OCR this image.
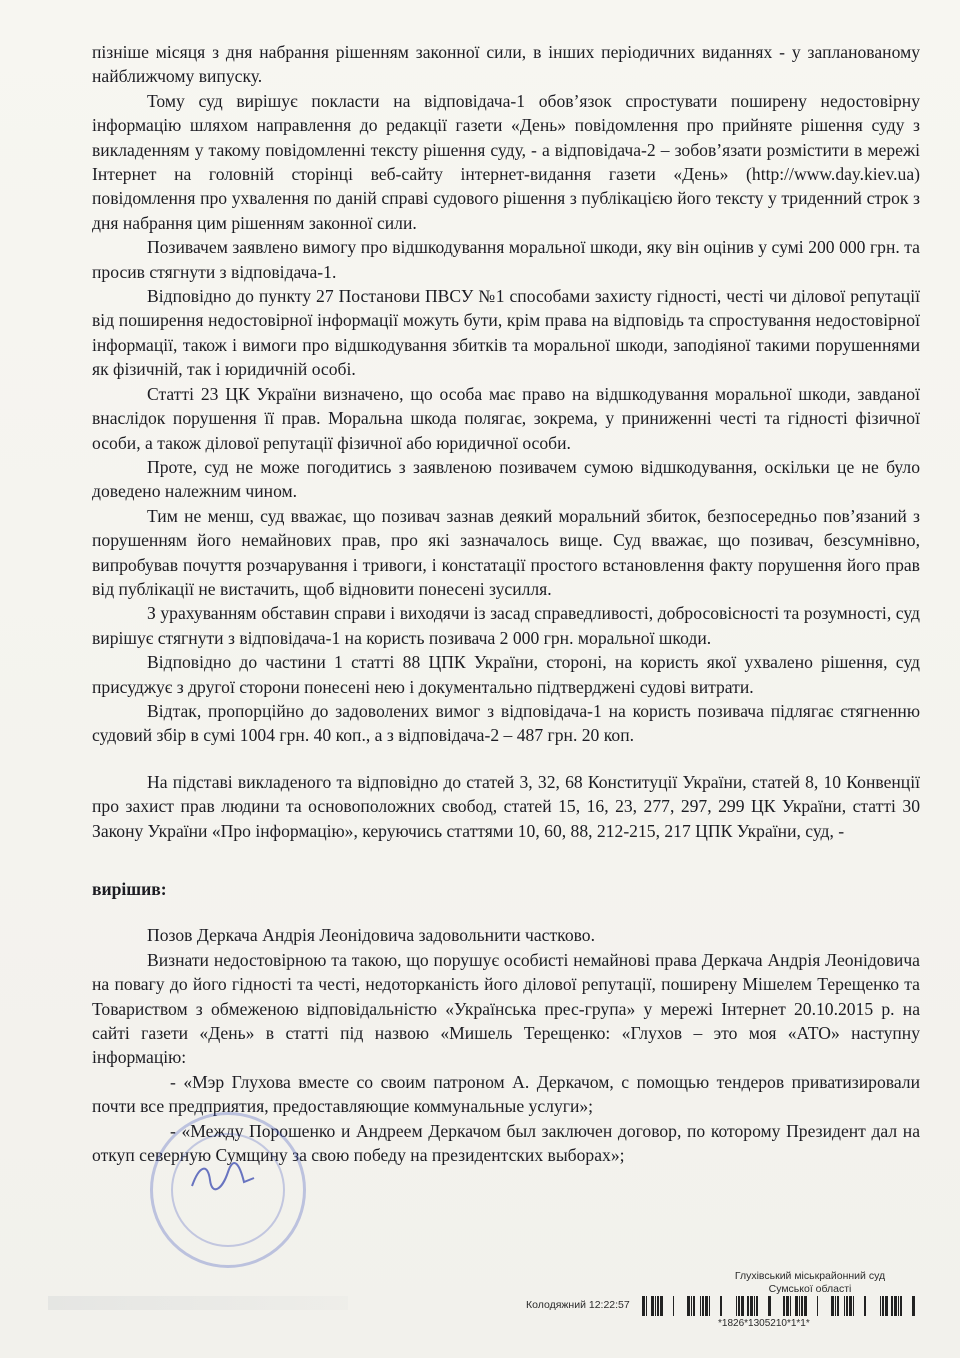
пізніше місяця з дня набрання рішенням законної сили, в інших періодичних виданнях - у запланованому найближчому випуску.

Тому суд вирішує покласти на відповідача-1 обов’язок спростувати поширену недостовірну інформацію шляхом направлення до редакції газети «День» повідомлення про прийняте рішення суду з викладенням у такому повідомленні тексту рішення суду, - а відповідача-2 – зобов’язати розмістити в мережі Інтернет на головній сторінці веб-сайту інтернет-видання газети «День» (http://www.day.kiev.ua) повідомлення про ухвалення по даній справі судового рішення з публікацією його тексту у триденний строк з дня набрання цим рішенням законної сили.

Позивачем заявлено вимогу про відшкодування моральної шкоди, яку він оцінив у сумі 200 000 грн. та просив стягнути з відповідача-1.

Відповідно до пункту 27 Постанови ПВСУ №1 способами захисту гідності, честі чи ділової репутації від поширення недостовірної інформації можуть бути, крім права на відповідь та спростування недостовірної інформації, також і вимоги про відшкодування збитків та моральної шкоди, заподіяної такими порушеннями як фізичній, так і юридичній особі.

Статті 23 ЦК України визначено, що особа має право на відшкодування моральної шкоди, завданої внаслідок порушення її прав. Моральна шкода полягає, зокрема, у приниженні честі та гідності фізичної особи, а також ділової репутації фізичної або юридичної особи.

Проте, суд не може погодитись з заявленою позивачем сумою відшкодування, оскільки це не було доведено належним чином.

Тим не менш, суд вважає, що позивач зазнав деякий моральний збиток, безпосередньо пов’язаний з порушенням його немайнових прав, про які зазначалось вище. Суд вважає, що позивач, безсумнівно, випробував почуття розчарування і тривоги, і констатації простого встановлення факту порушення його прав від публікації не вистачить, щоб відновити понесені зусилля.

З урахуванням обставин справи і виходячи із засад справедливості, добросовісності та розумності, суд вирішує стягнути з відповідача-1 на користь позивача 2 000 грн. моральної шкоди.

Відповідно до частини 1 статті 88 ЦПК України, стороні, на користь якої ухвалено рішення, суд присуджує з другої сторони понесені нею і документально підтверджені судові витрати.

Відтак, пропорційно до задоволених вимог з відповідача-1 на користь позивача підлягає стягненню судовий збір в сумі 1004 грн. 40 коп., а з відповідача-2 – 487 грн. 20 коп.

На підставі викладеного та відповідно до статей 3, 32, 68 Конституції України, статей 8, 10 Конвенції про захист прав людини та основоположних свобод, статей 15, 16, 23, 277, 297, 299 ЦК України, статті 30 Закону України «Про інформацію», керуючись статтями 10, 60, 88, 212-215, 217 ЦПК України, суд, -

вирішив:

Позов Деркача Андрія Леонідовича задовольнити частково.

Визнати недостовірною та такою, що порушує особисті немайнові права Деркача Андрія Леонідовича на повагу до його гідності та честі, недоторканість його ділової репутації, поширену Мішелем Терещенко та Товариством з обмеженою відповідальністю «Українська прес-група» у мережі Інтернет 20.10.2015 р. на сайті газети «День» в статті під назвою «Мишель Терещенко: «Глухов – это моя «АТО» наступну інформацію:

- «Мэр Глухова вместе со своим патроном А. Деркачом, с помощью тендеров приватизировали почти все предприятия, предоставляющие коммунальные услуги»;

- «Между Порошенко и Андреем Деркачом был заключен договор, по которому Президент дал на откуп северную Сумщину за свою победу на президентских выборах»;

Глухівський міськрайонний суд
Сумської області
Колодяжний 12:22:57
*1826*1305210*1*1*
